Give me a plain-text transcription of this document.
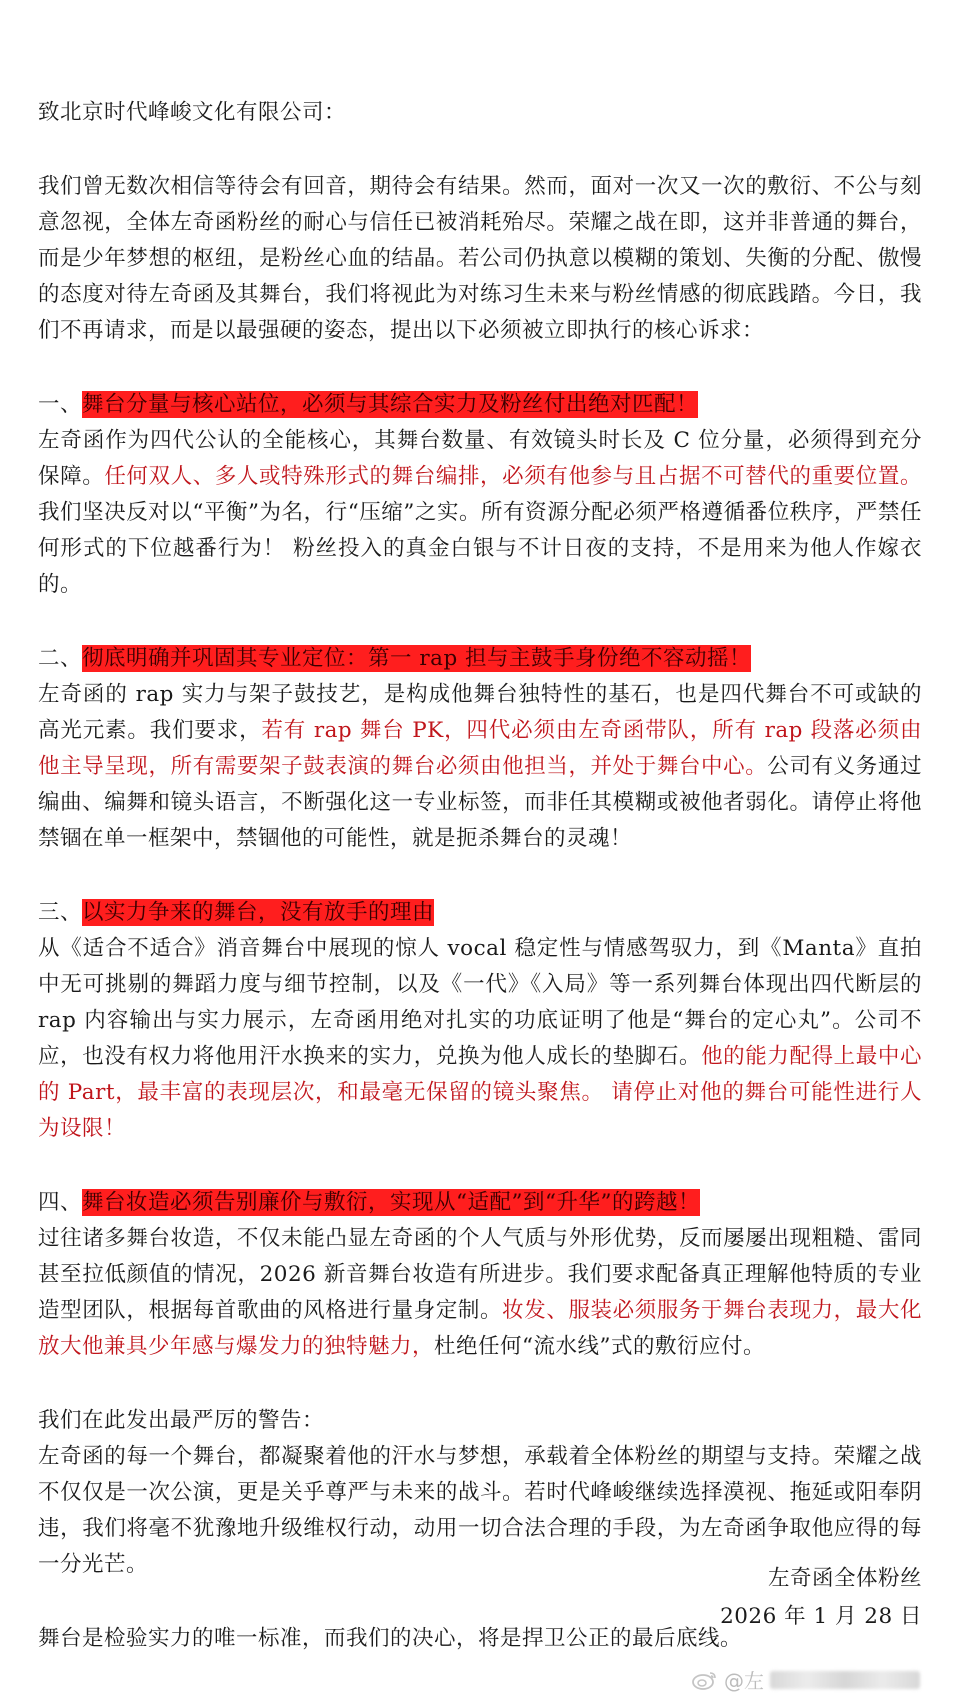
致北京时代峰峻文化有限公司：

我们曾无数次相信等待会有回音，期待会有结果。然而，面对一次又一次的敷衍、不公与刻意忽视，全体左奇函粉丝的耐心与信任已被消耗殆尽。荣耀之战在即，这并非普通的舞台，而是少年梦想的枢纽，是粉丝心血的结晶。若公司仍执意以模糊的策划、失衡的分配、傲慢的态度对待左奇函及其舞台，我们将视此为对练习生未来与粉丝情感的彻底践踏。今日，我们不再请求，而是以最强硬的姿态，提出以下必须被立即执行的核心诉求：

一、舞台分量与核心站位，必须与其综合实力及粉丝付出绝对匹配！

左奇函作为四代公认的全能核心，其舞台数量、有效镜头时长及 C 位分量，必须得到充分保障。任何双人、多人或特殊形式的舞台编排，必须有他参与且占据不可替代的重要位置。我们坚决反对以“平衡”为名，行“压缩”之实。所有资源分配必须严格遵循番位秩序，严禁任何形式的下位越番行为！ 粉丝投入的真金白银与不计日夜的支持，不是用来为他人作嫁衣的。

二、彻底明确并巩固其专业定位：第一 rap 担与主鼓手身份绝不容动摇！

左奇函的 rap 实力与架子鼓技艺，是构成他舞台独特性的基石，也是四代舞台不可或缺的高光元素。我们要求，若有 rap 舞台 PK，四代必须由左奇函带队，所有 rap 段落必须由他主导呈现，所有需要架子鼓表演的舞台必须由他担当，并处于舞台中心。公司有义务通过编曲、编舞和镜头语言，不断强化这一专业标签，而非任其模糊或被他者弱化。请停止将他禁锢在单一框架中，禁锢他的可能性，就是扼杀舞台的灵魂！

三、以实力争来的舞台，没有放手的理由

从《适合不适合》消音舞台中展现的惊人 vocal 稳定性与情感驾驭力，到《Manta》直拍中无可挑剔的舞蹈力度与细节控制，以及《一代》《入局》等一系列舞台体现出四代断层的 rap 内容输出与实力展示，左奇函用绝对扎实的功底证明了他是“舞台的定心丸”。公司不应，也没有权力将他用汗水换来的实力，兑换为他人成长的垫脚石。他的能力配得上最中心的 Part，最丰富的表现层次，和最毫无保留的镜头聚焦。 请停止对他的舞台可能性进行人为设限！

四、舞台妆造必须告别廉价与敷衍，实现从“适配”到“升华”的跨越！

过往诸多舞台妆造，不仅未能凸显左奇函的个人气质与外形优势，反而屡屡出现粗糙、雷同甚至拉低颜值的情况，2026 新音舞台妆造有所进步。我们要求配备真正理解他特质的专业造型团队，根据每首歌曲的风格进行量身定制。妆发、服装必须服务于舞台表现力，最大化放大他兼具少年感与爆发力的独特魅力，杜绝任何“流水线”式的敷衍应付。

我们在此发出最严厉的警告：

左奇函的每一个舞台，都凝聚着他的汗水与梦想，承载着全体粉丝的期望与支持。荣耀之战不仅仅是一次公演，更是关乎尊严与未来的战斗。若时代峰峻继续选择漠视、拖延或阳奉阴违，我们将毫不犹豫地升级维权行动，动用一切合法合理的手段，为左奇函争取他应得的每一分光芒。

舞台是检验实力的唯一标准，而我们的决心，将是捍卫公正的最后底线。

左奇函全体粉丝
2026 年 1 月 28 日
@左
